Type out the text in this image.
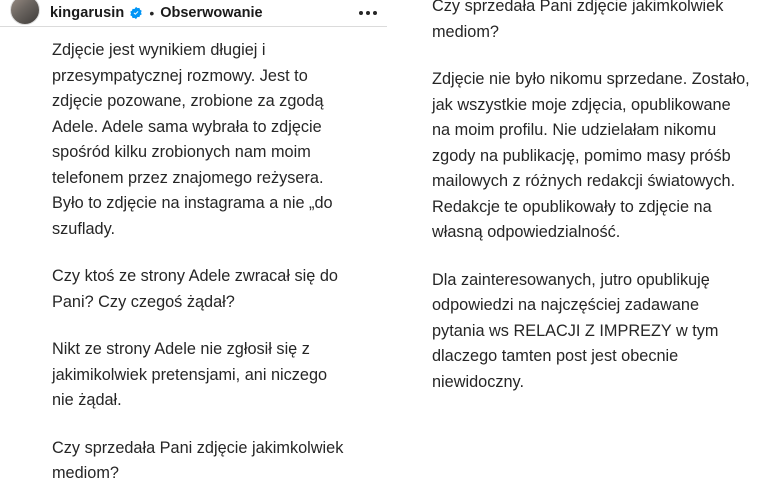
kingarusin • Obserwowanie

Zdjęcie jest wynikiem długiej i przesympatycznej rozmowy. Jest to zdjęcie pozowane, zrobione za zgodą Adele. Adele sama wybrała to zdjęcie spośród kilku zrobionych nam moim telefonem przez znajomego reżysera. Było to zdjęcie na instagrama a nie „do szuflady.

Czy ktoś ze strony Adele zwracał się do Pani? Czy czegoś żądał?

Nikt ze strony Adele nie zgłosił się z jakimikolwiek pretensjami, ani niczego nie żądał.

Czy sprzedała Pani zdjęcie jakimkolwiek mediom?

Czy sprzedała Pani zdjęcie jakimkolwiek mediom?

Zdjęcie nie było nikomu sprzedane. Zostało, jak wszystkie moje zdjęcia, opublikowane na moim profilu. Nie udzielałam nikomu zgody na publikację, pomimo masy próśb mailowych z różnych redakcji światowych. Redakcje te opublikowały to zdjęcie na własną odpowiedzialność.

Dla zainteresowanych, jutro opublikuję odpowiedzi na najczęściej zadawane pytania ws RELACJI Z IMPREZY w tym dlaczego tamten post jest obecnie niewidoczny.
